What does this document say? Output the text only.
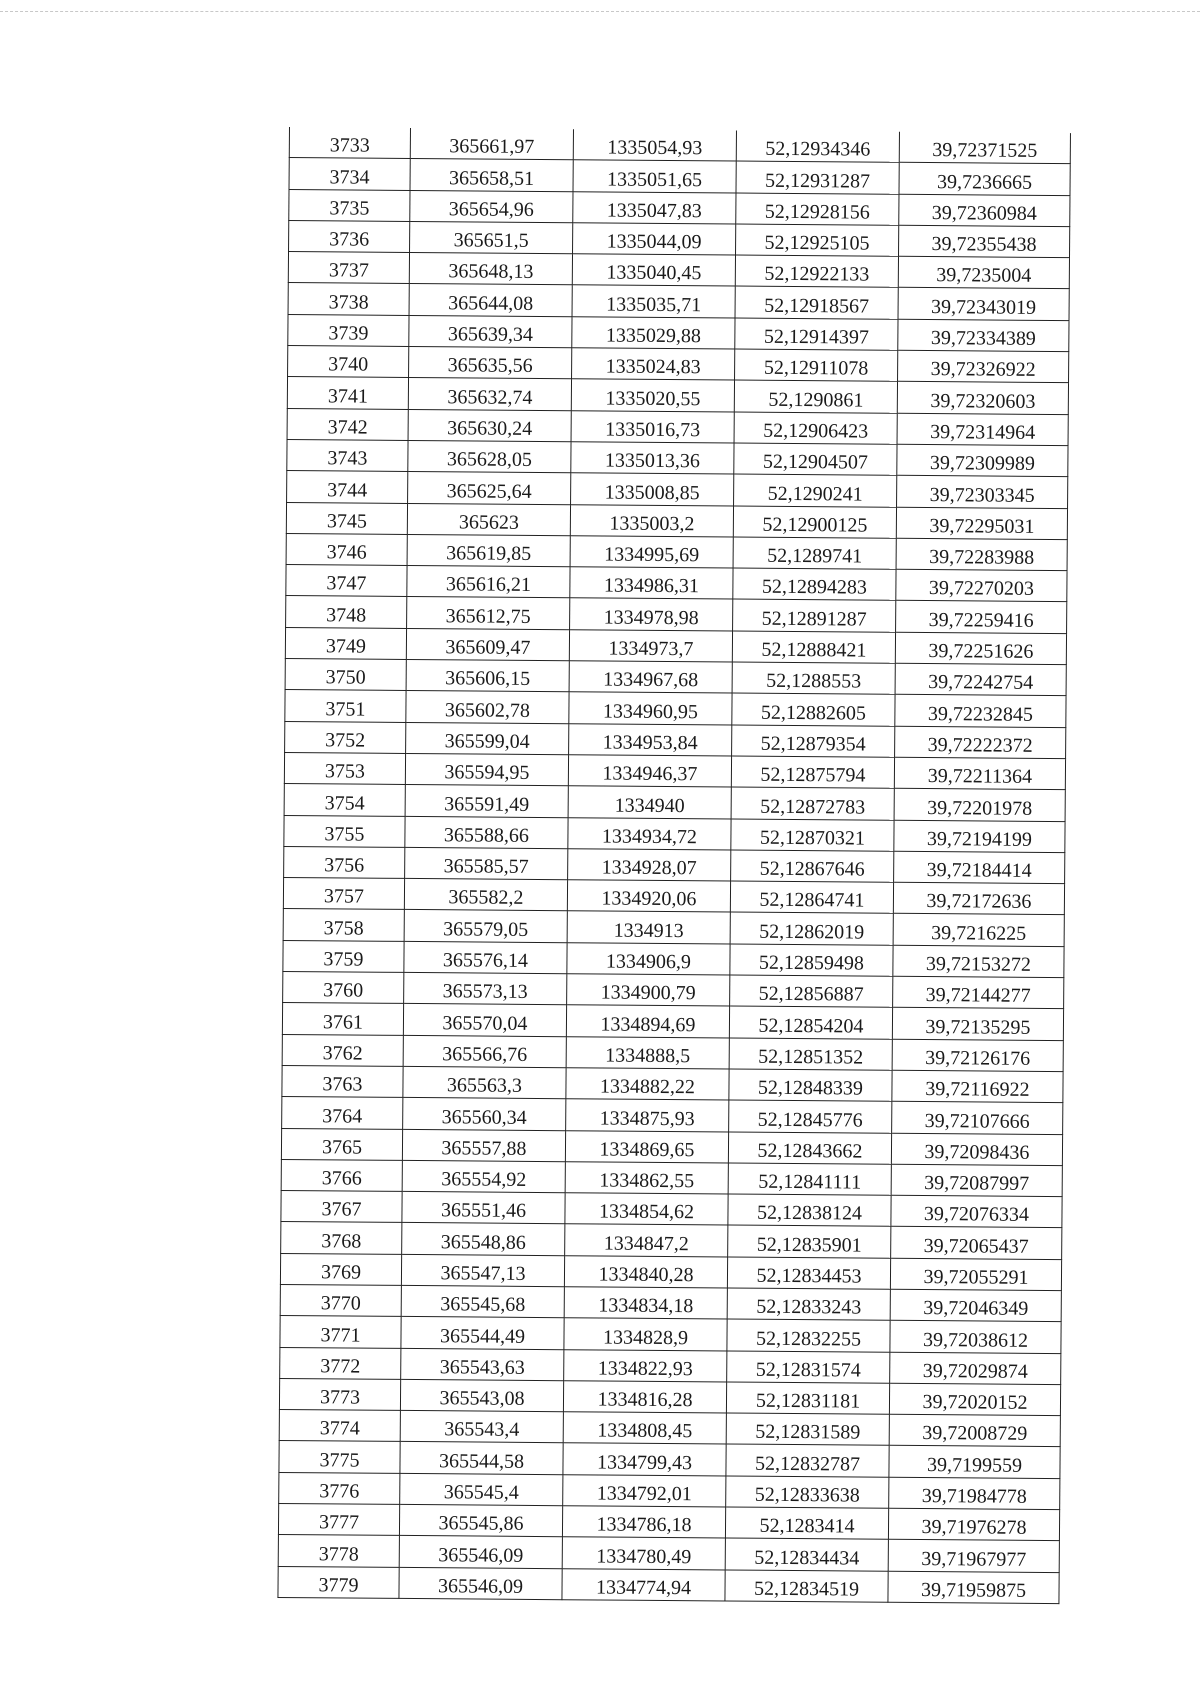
3733	365661,97	1335054,93	52,12934346	39,72371525
3734	365658,51	1335051,65	52,12931287	39,7236665
3735	365654,96	1335047,83	52,12928156	39,72360984
3736	365651,5	1335044,09	52,12925105	39,72355438
3737	365648,13	1335040,45	52,12922133	39,7235004
3738	365644,08	1335035,71	52,12918567	39,72343019
3739	365639,34	1335029,88	52,12914397	39,72334389
3740	365635,56	1335024,83	52,12911078	39,72326922
3741	365632,74	1335020,55	52,1290861	39,72320603
3742	365630,24	1335016,73	52,12906423	39,72314964
3743	365628,05	1335013,36	52,12904507	39,72309989
3744	365625,64	1335008,85	52,1290241	39,72303345
3745	365623	1335003,2	52,12900125	39,72295031
3746	365619,85	1334995,69	52,1289741	39,72283988
3747	365616,21	1334986,31	52,12894283	39,72270203
3748	365612,75	1334978,98	52,12891287	39,72259416
3749	365609,47	1334973,7	52,12888421	39,72251626
3750	365606,15	1334967,68	52,1288553	39,72242754
3751	365602,78	1334960,95	52,12882605	39,72232845
3752	365599,04	1334953,84	52,12879354	39,72222372
3753	365594,95	1334946,37	52,12875794	39,72211364
3754	365591,49	1334940	52,12872783	39,72201978
3755	365588,66	1334934,72	52,12870321	39,72194199
3756	365585,57	1334928,07	52,12867646	39,72184414
3757	365582,2	1334920,06	52,12864741	39,72172636
3758	365579,05	1334913	52,12862019	39,7216225
3759	365576,14	1334906,9	52,12859498	39,72153272
3760	365573,13	1334900,79	52,12856887	39,72144277
3761	365570,04	1334894,69	52,12854204	39,72135295
3762	365566,76	1334888,5	52,12851352	39,72126176
3763	365563,3	1334882,22	52,12848339	39,72116922
3764	365560,34	1334875,93	52,12845776	39,72107666
3765	365557,88	1334869,65	52,12843662	39,72098436
3766	365554,92	1334862,55	52,12841111	39,72087997
3767	365551,46	1334854,62	52,12838124	39,72076334
3768	365548,86	1334847,2	52,12835901	39,72065437
3769	365547,13	1334840,28	52,12834453	39,72055291
3770	365545,68	1334834,18	52,12833243	39,72046349
3771	365544,49	1334828,9	52,12832255	39,72038612
3772	365543,63	1334822,93	52,12831574	39,72029874
3773	365543,08	1334816,28	52,12831181	39,72020152
3774	365543,4	1334808,45	52,12831589	39,72008729
3775	365544,58	1334799,43	52,12832787	39,7199559
3776	365545,4	1334792,01	52,12833638	39,71984778
3777	365545,86	1334786,18	52,1283414	39,71976278
3778	365546,09	1334780,49	52,12834434	39,71967977
3779	365546,09	1334774,94	52,12834519	39,71959875
